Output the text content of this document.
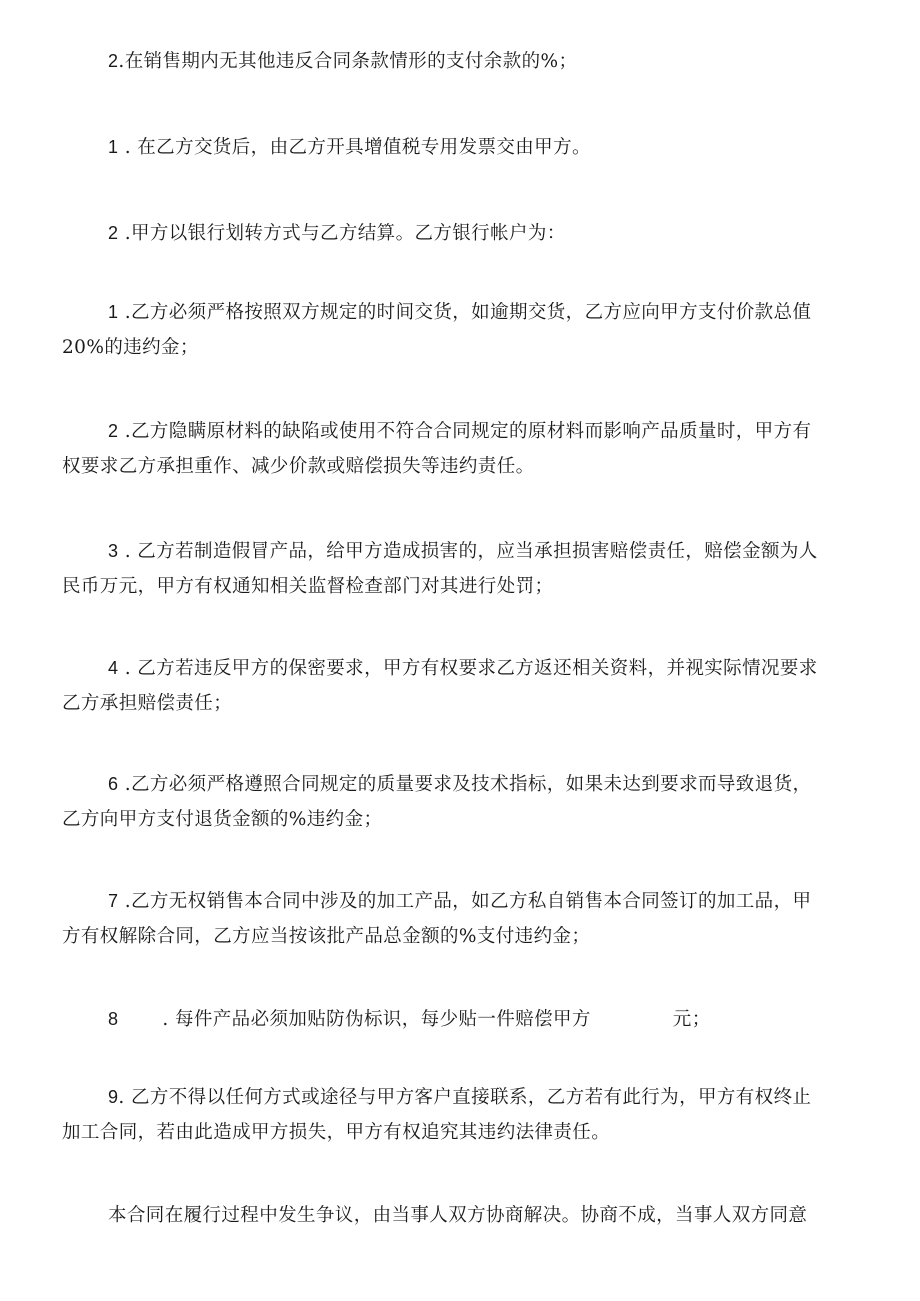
2.在销售期内无其他违反合同条款情形的支付余款的%；
1 . 在乙方交货后，由乙方开具增值税专用发票交由甲方。
2 .甲方以银行划转方式与乙方结算。乙方银行帐户为：
1 .乙方必须严格按照双方规定的时间交货，如逾期交货，乙方应向甲方支付价款总值
20%的违约金；
2 .乙方隐瞒原材料的缺陷或使用不符合合同规定的原材料而影响产品质量时，甲方有
权要求乙方承担重作、减少价款或赔偿损失等违约责任。
3 . 乙方若制造假冒产品，给甲方造成损害的，应当承担损害赔偿责任，赔偿金额为人
民币万元，甲方有权通知相关监督检查部门对其进行处罚；
4 . 乙方若违反甲方的保密要求，甲方有权要求乙方返还相关资料，并视实际情况要求
乙方承担赔偿责任；
6 .乙方必须严格遵照合同规定的质量要求及技术指标，如果未达到要求而导致退货，
乙方向甲方支付退货金额的%违约金；
7 .乙方无权销售本合同中涉及的加工产品，如乙方私自销售本合同签订的加工品，甲
方有权解除合同，乙方应当按该批产品总金额的%支付违约金；
8 . 每件产品必须加贴防伪标识，每少贴一件赔偿甲方	元；
9. 乙方不得以任何方式或途径与甲方客户直接联系，乙方若有此行为，甲方有权终止
加工合同，若由此造成甲方损失，甲方有权追究其违约法律责任。
本合同在履行过程中发生争议，由当事人双方协商解决。协商不成，当事人双方同意
